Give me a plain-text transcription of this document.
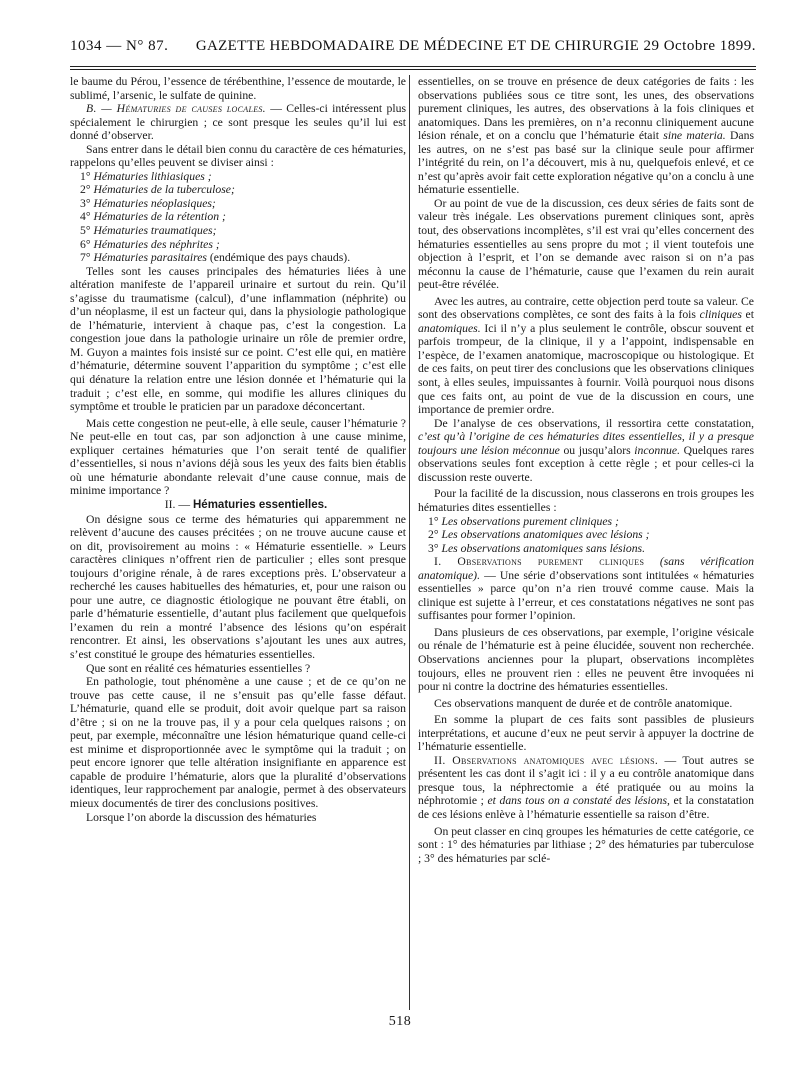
1034 — N° 87.	GAZETTE HEBDOMADAIRE DE MÉDECINE ET DE CHIRURGIE 29 Octobre 1899.

le baume du Pérou, l’essence de térébenthine, l’essence de moutarde, le sublimé, l’arsenic, le sulfate de quinine.

B. — Hématuries de causes locales. — Celles-ci intéressent plus spécialement le chirurgien ; ce sont presque les seules qu’il lui est donné d’observer.

Sans entrer dans le détail bien connu du caractère de ces hématuries, rappelons qu’elles peuvent se diviser ainsi :

1° Hématuries lithiasiques ;
2° Hématuries de la tuberculose;
3° Hématuries néoplasiques;
4° Hématuries de la rétention ;
5° Hématuries traumatiques;
6° Hématuries des néphrites ;
7° Hématuries parasitaires (endémique des pays chauds).

Telles sont les causes principales des hématuries liées à une altération manifeste de l’appareil urinaire et surtout du rein. Qu’il s’agisse du traumatisme (calcul), d’une inflammation (néphrite) ou d’un néoplasme, il est un facteur qui, dans la physiologie pathologique de l’hématurie, intervient à chaque pas, c’est la congestion. La congestion joue dans la pathologie urinaire un rôle de premier ordre, M. Guyon a maintes fois insisté sur ce point. C’est elle qui, en matière d’hématurie, détermine souvent l’apparition du symptôme ; c’est elle qui dénature la relation entre une lésion donnée et l’hématurie qui la traduit ; c’est elle, en somme, qui modifie les allures cliniques du symptôme et trouble le praticien par un paradoxe déconcertant.

Mais cette congestion ne peut-elle, à elle seule, causer l’hématurie ? Ne peut-elle en tout cas, par son adjonction à une cause minime, expliquer certaines hématuries que l’on serait tenté de qualifier d’essentielles, si nous n’avions déjà sous les yeux des faits bien établis où une hématurie abondante relevait d’une cause connue, mais de minime importance ?

II. — Hématuries essentielles.

On désigne sous ce terme des hématuries qui apparemment ne relèvent d’aucune des causes précitées ; on ne trouve aucune cause et on dit, provisoirement au moins : « Hématurie essentielle. » Leurs caractères cliniques n’offrent rien de particulier ; elles sont presque toujours d’origine rénale, à de rares exceptions près. L’observateur a recherché les causes habituelles des hématuries, et, pour une raison ou pour une autre, ce diagnostic étiologique ne pouvant être établi, on parle d’hématurie essentielle, d’autant plus facilement que quelquefois l’examen du rein a montré l’absence des lésions qu’on espérait rencontrer. Et ainsi, les observations s’ajoutant les unes aux autres, s’est constitué le groupe des hématuries essentielles.

Que sont en réalité ces hématuries essentielles ?

En pathologie, tout phénomène a une cause ; et de ce qu’on ne trouve pas cette cause, il ne s’ensuit pas qu’elle fasse défaut. L’hématurie, quand elle se produit, doit avoir quelque part sa raison d’être ; si on ne la trouve pas, il y a pour cela quelques raisons ; on peut, par exemple, méconnaître une lésion hématurique quand celle-ci est minime et disproportionnée avec le symptôme qui la traduit ; on peut encore ignorer que telle altération insignifiante en apparence est capable de produire l’hématurie, alors que la pluralité d’observations identiques, leur rapprochement par analogie, permet à des observateurs mieux documentés de tirer des conclusions positives.

Lorsque l’on aborde la discussion des hématuries

essentielles, on se trouve en présence de deux catégories de faits : les observations publiées sous ce titre sont, les unes, des observations purement cliniques, les autres, des observations à la fois cliniques et anatomiques. Dans les premières, on n’a reconnu cliniquement aucune lésion rénale, et on a conclu que l’hématurie était sine materia. Dans les autres, on ne s’est pas basé sur la clinique seule pour affirmer l’intégrité du rein, on l’a découvert, mis à nu, quelquefois enlevé, et ce n’est qu’après avoir fait cette exploration négative qu’on a conclu à une hématurie essentielle.

Or au point de vue de la discussion, ces deux séries de faits sont de valeur très inégale. Les observations purement cliniques sont, après tout, des observations incomplètes, s’il est vrai qu’elles concernent des hématuries essentielles au sens propre du mot ; il vient toutefois une objection à l’esprit, et l’on se demande avec raison si on n’a pas méconnu la cause de l’hématurie, cause que l’examen du rein aurait peut-être révélée.

Avec les autres, au contraire, cette objection perd toute sa valeur. Ce sont des observations complètes, ce sont des faits à la fois cliniques et anatomiques. Ici il n’y a plus seulement le contrôle, obscur souvent et parfois trompeur, de la clinique, il y a l’appoint, indispensable en l’espèce, de l’examen anatomique, macroscopique ou histologique. Et de ces faits, on peut tirer des conclusions que les observations cliniques sont, à elles seules, impuissantes à fournir. Voilà pourquoi nous disons que ces faits ont, au point de vue de la discussion en cours, une importance de premier ordre.

De l’analyse de ces observations, il ressortira cette constatation, c’est qu’à l’origine de ces hématuries dites essentielles, il y a presque toujours une lésion méconnue ou jusqu’alors inconnue. Quelques rares observations seules font exception à cette règle ; et pour celles-ci la discussion reste ouverte.

Pour la facilité de la discussion, nous classerons en trois groupes les hématuries dites essentielles :

1° Les observations purement cliniques ;
2° Les observations anatomiques avec lésions ;
3° Les observations anatomiques sans lésions.

I. Observations purement cliniques (sans vérification anatomique). — Une série d’observations sont intitulées « hématuries essentielles » parce qu’on n’a rien trouvé comme cause. Mais la clinique est sujette à l’erreur, et ces constatations négatives ne sont pas suffisantes pour former l’opinion.

Dans plusieurs de ces observations, par exemple, l’origine vésicale ou rénale de l’hématurie est à peine élucidée, souvent non recherchée. Observations anciennes pour la plupart, observations incomplètes toujours, elles ne prouvent rien : elles ne peuvent être invoquées ni pour ni contre la doctrine des hématuries essentielles.

Ces observations manquent de durée et de contrôle anatomique.

En somme la plupart de ces faits sont passibles de plusieurs interprétations, et aucune d’eux ne peut servir à appuyer la doctrine de l’hématurie essentielle.

II. Observations anatomiques avec lésions. — Tout autres se présentent les cas dont il s’agit ici : il y a eu contrôle anatomique dans presque tous, la néphrectomie a été pratiquée ou au moins la néphrotomie ; et dans tous on a constaté des lésions, et la constatation de ces lésions enlève à l’hématurie essentielle sa raison d’être.

On peut classer en cinq groupes les hématuries de cette catégorie, ce sont : 1° des hématuries par lithiase ; 2° des hématuries par tuberculose ; 3° des hématuries par sclé-

518
